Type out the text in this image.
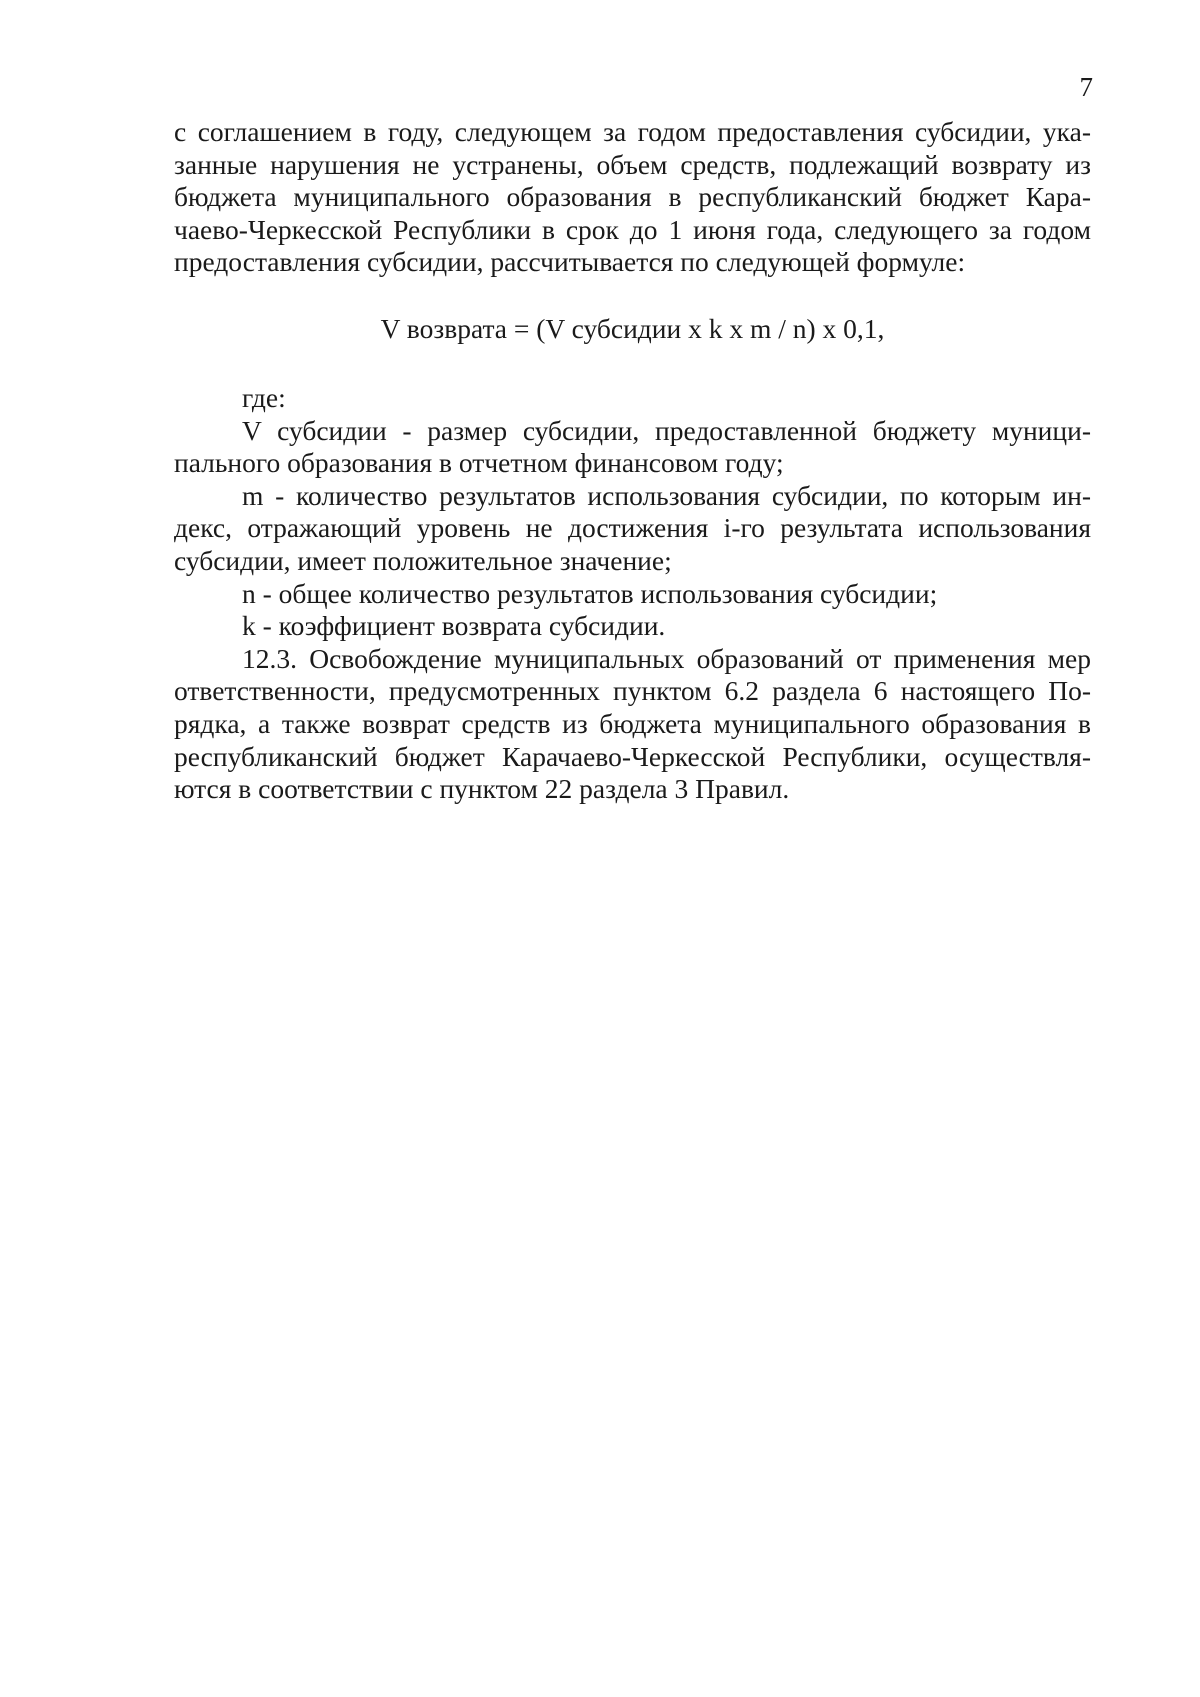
7

с соглашением в году, следующем за годом предоставления субсидии, ука-
занные нарушения не устранены, объем средств, подлежащий возврату из
бюджета муниципального образования в республиканский бюджет Кара-
чаево-Черкесской Республики в срок до 1 июня года, следующего за годом
предоставления субсидии, рассчитывается по следующей формуле:

V возврата = (V субсидии x k x m / n) x 0,1,

где:

V субсидии - размер субсидии, предоставленной бюджету муници-

пального образования в отчетном финансовом году;

m - количество результатов использования субсидии, по которым ин-

декс, отражающий уровень не достижения i-го результата использования
субсидии, имеет положительное значение;

n - общее количество результатов использования субсидии;

k - коэффициент возврата субсидии.

12.3. Освобождение муниципальных образований от применения мер

ответственности, предусмотренных пунктом 6.2 раздела 6 настоящего По-
рядка, а также возврат средств из бюджета муниципального образования в
республиканский бюджет Карачаево-Черкесской Республики, осуществля-
ются в соответствии с пунктом 22 раздела 3 Правил.
